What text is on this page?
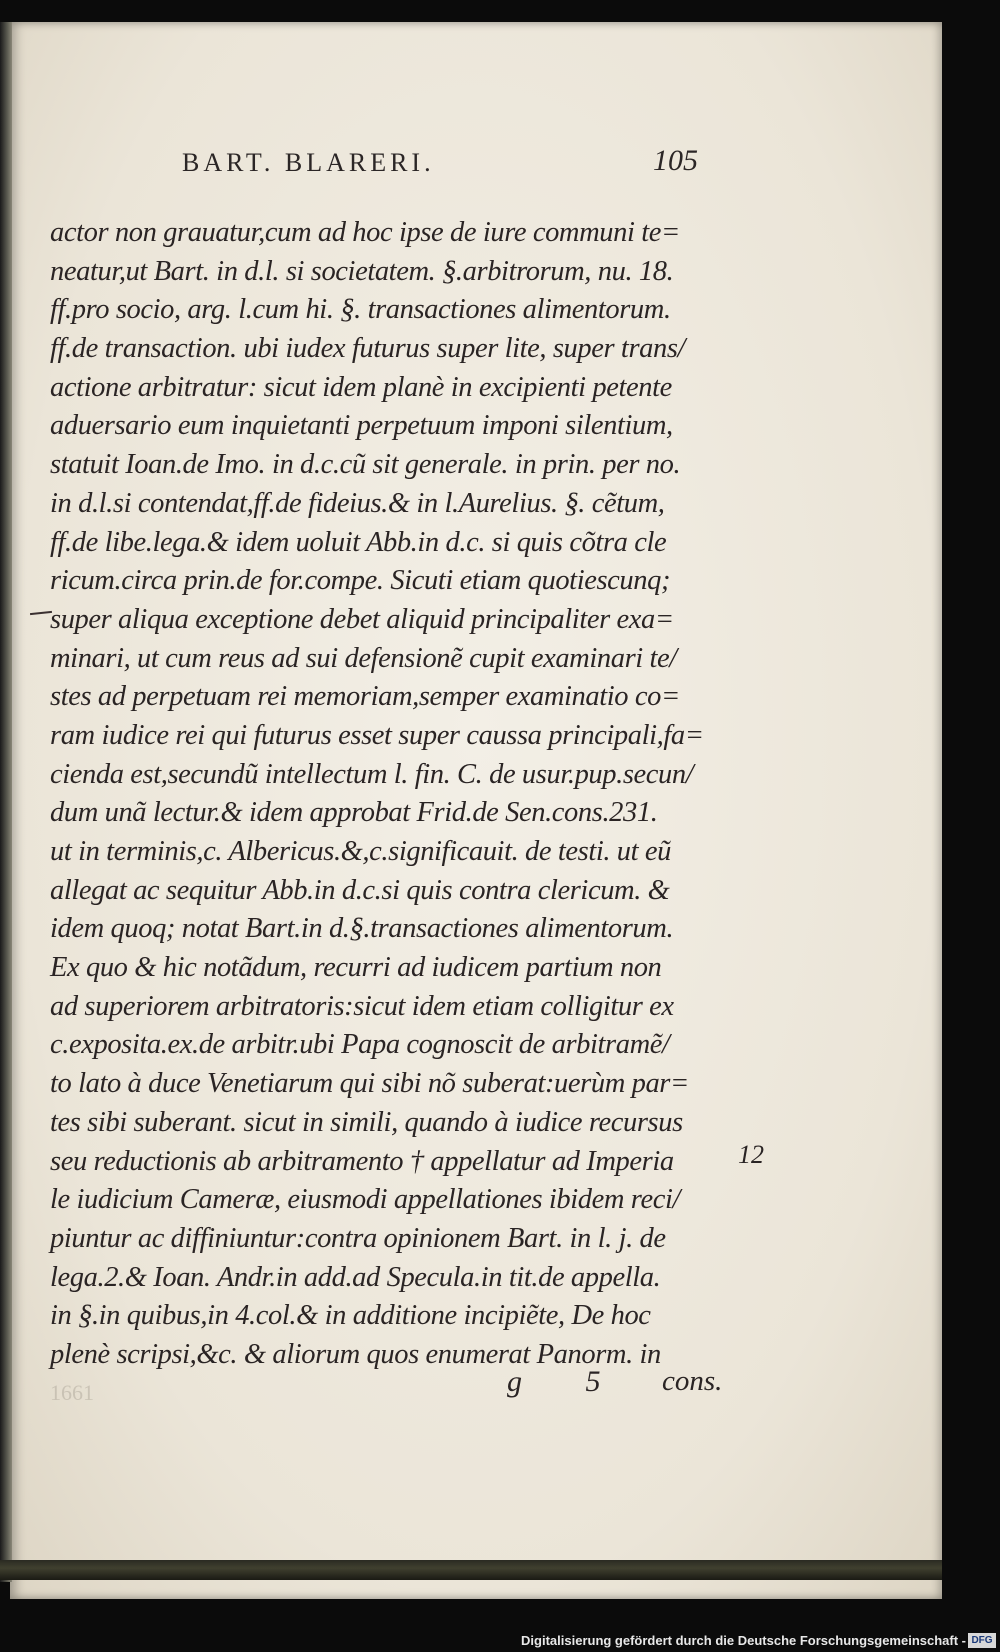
BART. BLARERI.	105
actor non grauatur,cum ad hoc ipse de iure communi te=
neatur,ut Bart. in d.l. si societatem. §.arbitrorum, nu. 18.
ff.pro socio, arg. l.cum hi. §. transactiones alimentorum.
ff.de transaction. ubi iudex futurus super lite, super trans/
actione arbitratur: sicut idem planè in excipienti petente
aduersario eum inquietanti perpetuum imponi silentium,
statuit Ioan.de Imo. in d.c.cũ sit generale. in prin. per no.
in d.l.si contendat,ff.de fideius.& in l.Aurelius. §. cẽtum,
ff.de libe.lega.& idem uoluit Abb.in d.c. si quis cõtra cle
ricum.circa prin.de for.compe. Sicuti etiam quotiescunq;
super aliqua exceptione debet aliquid principaliter exa=
minari, ut cum reus ad sui defensionẽ cupit examinari te/
stes ad perpetuam rei memoriam,semper examinatio co=
ram iudice rei qui futurus esset super caussa principali,fa=
cienda est,secundũ intellectum l. fin. C. de usur.pup.secun/
dum unã lectur.& idem approbat Frid.de Sen.cons.231.
ut in terminis,c. Albericus.&,c.significauit. de testi. ut eũ
allegat ac sequitur Abb.in d.c.si quis contra clericum. &
idem quoq; notat Bart.in d.§.transactiones alimentorum.
Ex quo & hic notãdum, recurri ad iudicem partium non
ad superiorem arbitratoris:sicut idem etiam colligitur ex
c.exposita.ex.de arbitr.ubi Papa cognoscit de arbitramẽ/
to lato à duce Venetiarum qui sibi nõ suberat:uerùm par=
tes sibi suberant. sicut in simili, quando à iudice recursus
seu reductionis ab arbitramento † appellatur ad Imperia
le iudicium Cameræ, eiusmodi appellationes ibidem reci/
piuntur ac diffiniuntur:contra opinionem Bart. in l. j. de
lega.2.& Ioan. Andr.in add.ad Specula.in tit.de appella.
in §.in quibus,in 4.col.& in additione incipiẽte, De hoc
plenè scripsi,&c. & aliorum quos enumerat Panorm. in
12
1661	g 5 cons.
Digitalisierung gefördert durch die Deutsche Forschungsgemeinschaft - DFG
